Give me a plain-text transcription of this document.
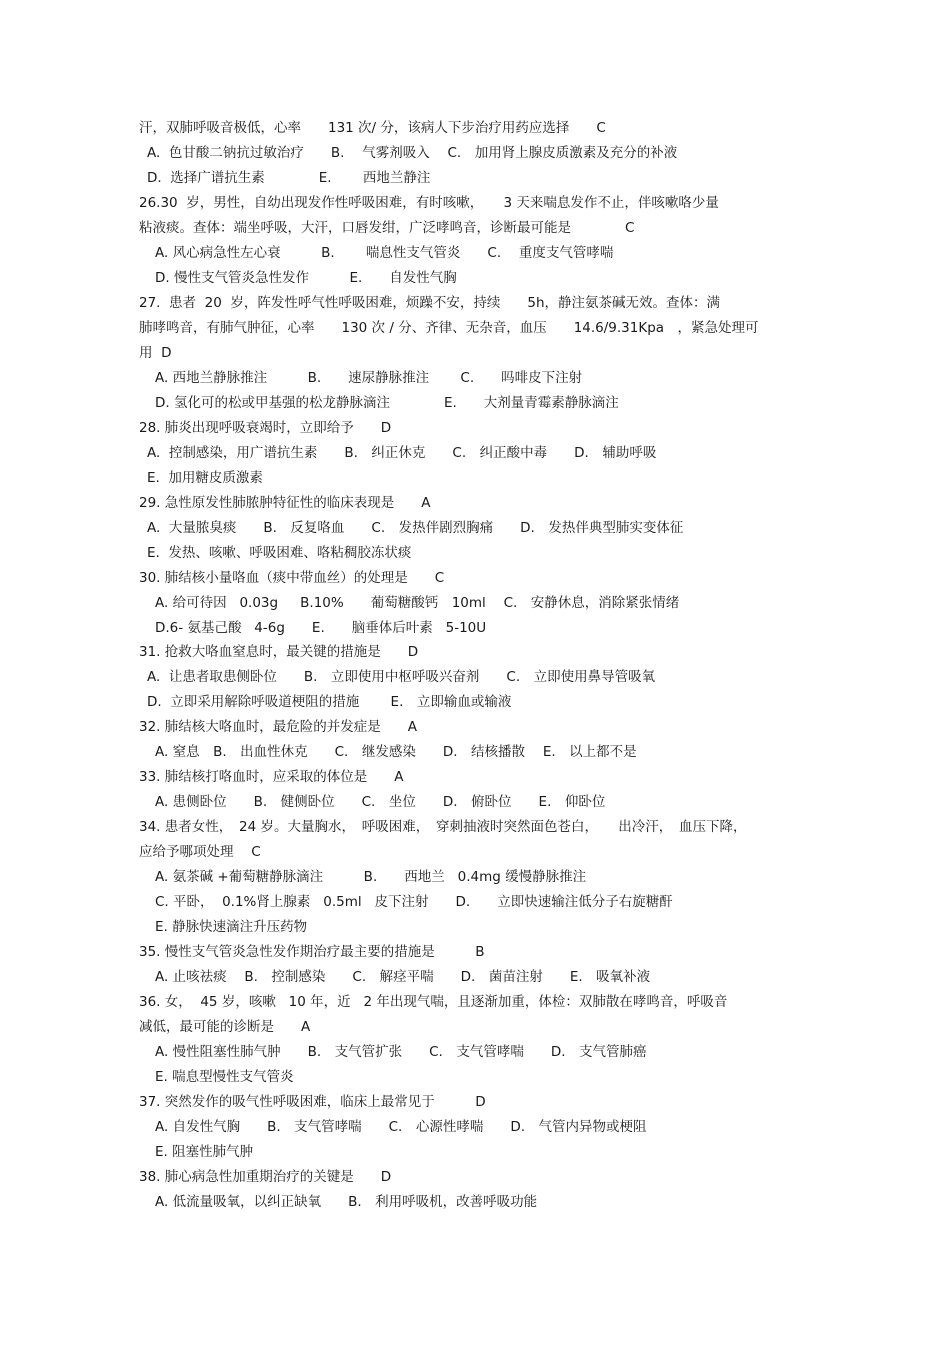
汗，双肺呼吸音极低，心率　　131 次/ 分，该病人下步治疗用药应选择　　C
A.  色甘酸二钠抗过敏治疗　　B.　 气雾剂吸入　 C.　加用肾上腺皮质激素及充分的补液
D.  选择广谱抗生素　　　　E.　　 西地兰静注
26.30  岁，男性，自幼出现发作性呼吸困难，有时咳嗽，　　3 天来喘息发作不止，伴咳嗽咯少量
粘液痰。查体：端坐呼吸，大汗，口唇发绀，广泛哮鸣音，诊断最可能是　　　　C
A. 风心病急性左心衰　　　B.　　 喘息性支气管炎　　C.　 重度支气管哮喘
D. 慢性支气管炎急性发作　　　E.　　自发性气胸
27.  患者  20  岁，阵发性呼气性呼吸困难，烦躁不安，持续　　5h，静注氨茶碱无效。查体：满
肺哮鸣音，有肺气肿征，心率　　130 次 / 分、齐律、无杂音，血压　　14.6/9.31Kpa　，紧急处理可
用  D
A. 西地兰静脉推注　　　B.　　速尿静脉推注　　 C.　　吗啡皮下注射
D. 氢化可的松或甲基强的松龙静脉滴注　　　　E.　　大剂量青霉素静脉滴注
28. 肺炎出现呼吸衰竭时，立即给予　　D
A.  控制感染，用广谱抗生素　　B.　纠正休克　　C.　纠正酸中毒　　D.　辅助呼吸
E.  加用糖皮质激素
29. 急性原发性肺脓肿特征性的临床表现是　　A
A.  大量脓臭痰　　B.　反复咯血　　C.　发热伴剧烈胸痛　　D.　发热伴典型肺实变体征
E.  发热、咳嗽、呼吸困难、咯粘稠胶冻状痰
30. 肺结核小量咯血（痰中带血丝）的处理是　　C
A. 给可待因   0.03g　  B.10%　　葡萄糖酸钙　10ml　 C.　安静休息，消除紧张情绪
D.6- 氨基己酸   4-6g　　E.　　脑垂体后叶素   5-10U
31. 抢救大咯血窒息时，最关键的措施是　　D
A.  让患者取患侧卧位　　B.　立即使用中枢呼吸兴奋剂　　C.　立即使用鼻导管吸氧
D.  立即采用解除呼吸道梗阻的措施　　 E.　立即输血或输液
32. 肺结核大咯血时，最危险的并发症是　　A
A. 窒息　B.　出血性休克　　C.　继发感染　　D.　结核播散　 E.　以上都不是
33. 肺结核打咯血时，应采取的体位是　　A
A. 患侧卧位　　B.　健侧卧位　　C.　坐位　　D.　俯卧位　　E.　仰卧位
34. 患者女性，　24 岁。大量胸水，　呼吸困难，　穿刺抽液时突然面色苍白，　　出冷汗，　血压下降，
应给予哪项处理　 C
A. 氨茶碱 +葡萄糖静脉滴注　　　B.　　西地兰   0.4mg 缓慢静脉推注
C. 平卧，  0.1%肾上腺素   0.5ml   皮下注射　　D.　　立即快速输注低分子右旋糖酐
E. 静脉快速滴注升压药物
35. 慢性支气管炎急性发作期治疗最主要的措施是　　　B
A. 止咳祛痰　 B.　控制感染　　C.　解痉平喘　　D.　菌苗注射　　E.　吸氧补液
36. 女，  45 岁，咳嗽   10 年，近   2 年出现气喘，且逐渐加重，体检：双肺散在哮鸣音，呼吸音
减低，最可能的诊断是　　A
A. 慢性阻塞性肺气肿　　B.　支气管扩张　　C.　支气管哮喘　　D.　支气管肺癌
E. 喘息型慢性支气管炎
37. 突然发作的吸气性呼吸困难，临床上最常见于　　　D
A. 自发性气胸　　B.　支气管哮喘　　C.　心源性哮喘　　D.　气管内异物或梗阻
E. 阻塞性肺气肿
38. 肺心病急性加重期治疗的关键是　　D
A. 低流量吸氧，以纠正缺氧　　B.　利用呼吸机，改善呼吸功能
